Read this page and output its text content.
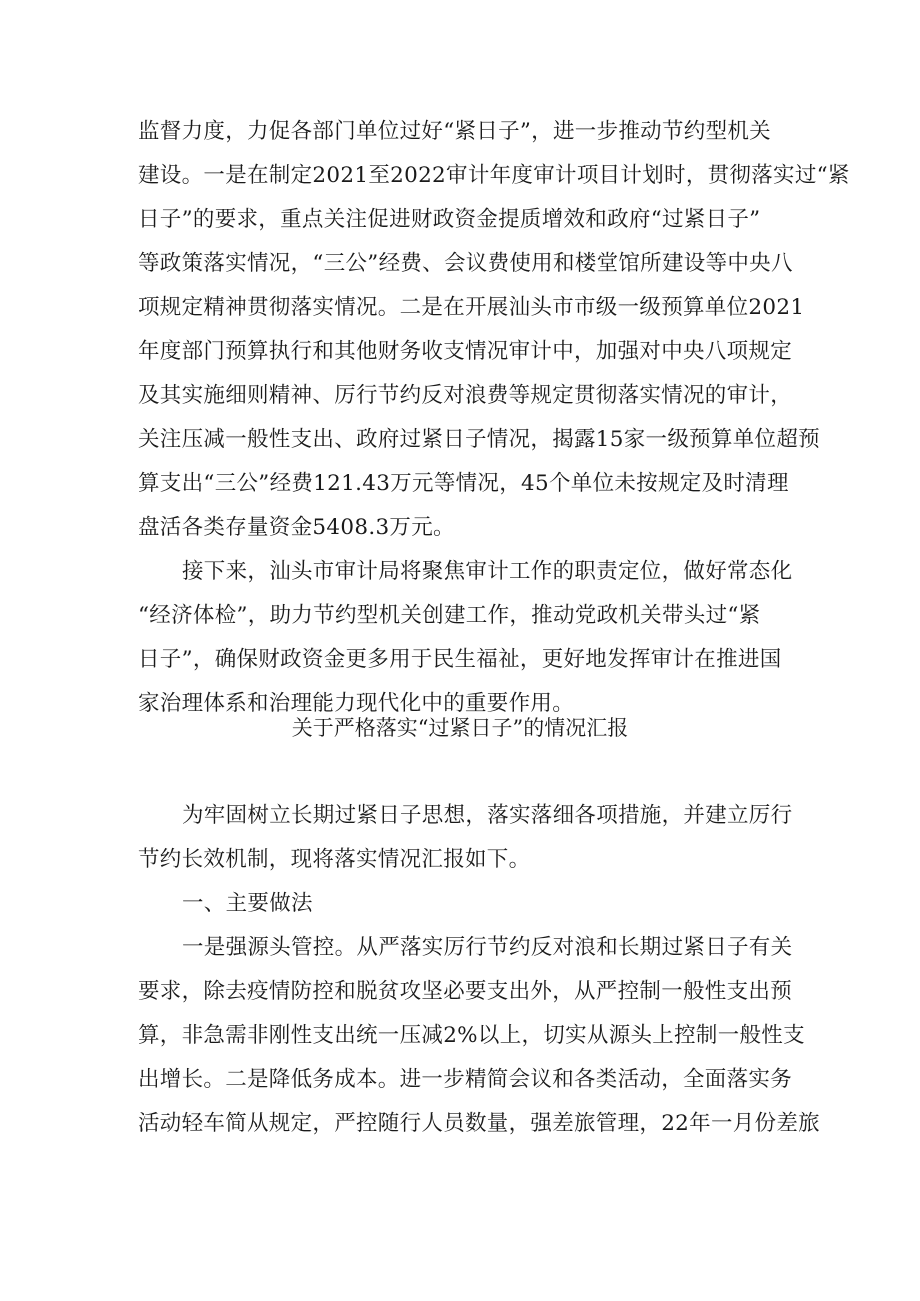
监督力度，力促各部门单位过好“紧日子”，进一步推动节约型机关
建设。一是在制定2021至2022审计年度审计项目计划时，贯彻落实过“紧
日子”的要求，重点关注促进财政资金提质增效和政府“过紧日子”
等政策落实情况，“三公”经费、会议费使用和楼堂馆所建设等中央八
项规定精神贯彻落实情况。二是在开展汕头市市级一级预算单位2021
年度部门预算执行和其他财务收支情况审计中，加强对中央八项规定
及其实施细则精神、厉行节约反对浪费等规定贯彻落实情况的审计，
关注压减一般性支出、政府过紧日子情况，揭露15家一级预算单位超预
算支出“三公”经费121.43万元等情况，45个单位未按规定及时清理
盘活各类存量资金5408.3万元。
接下来，汕头市审计局将聚焦审计工作的职责定位，做好常态化
“经济体检”，助力节约型机关创建工作，推动党政机关带头过“紧
日子”，确保财政资金更多用于民生福祉，更好地发挥审计在推进国
家治理体系和治理能力现代化中的重要作用。
关于严格落实“过紧日子”的情况汇报
为牢固树立长期过紧日子思想，落实落细各项措施，并建立厉行
节约长效机制，现将落实情况汇报如下。
一、主要做法
一是强源头管控。从严落实厉行节约反对浪和长期过紧日子有关
要求，除去疫情防控和脱贫攻坚必要支出外，从严控制一般性支出预
算，非急需非刚性支出统一压减2%以上，切实从源头上控制一般性支
出增长。二是降低务成本。进一步精简会议和各类活动，全面落实务
活动轻车简从规定，严控随行人员数量，强差旅管理，22年一月份差旅
